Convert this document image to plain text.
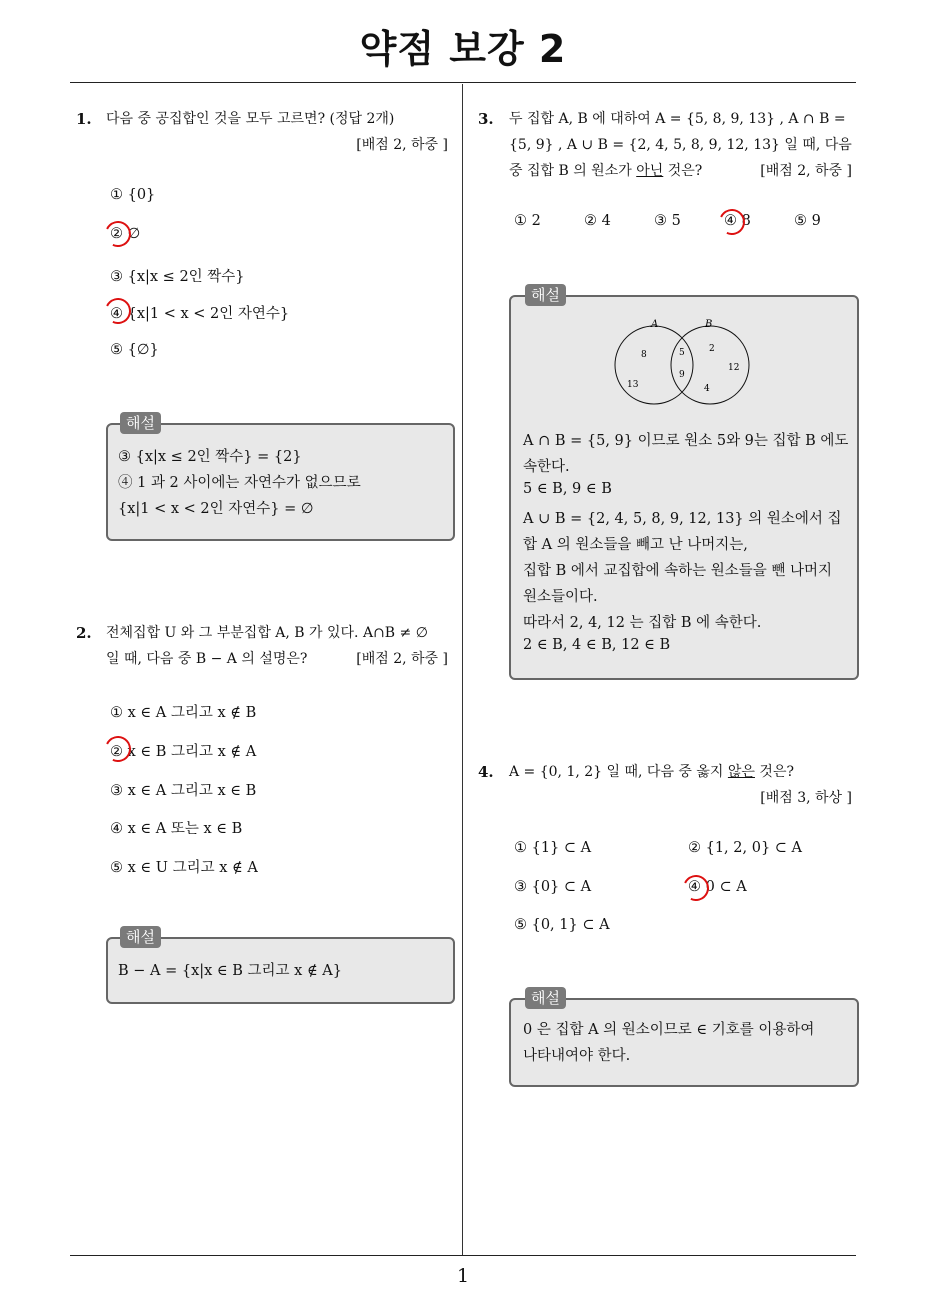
약점 보강 2
1
1. 다음 중 공집합인 것을 모두 고르면? (정답 2개)
[배점 2, 하중 ]
① {0}
② ∅
③ {x|x ≤ 2인 짝수}
④ {x|1 < x < 2인 자연수}
⑤ {∅}
해설
③ {x|x ≤ 2인 짝수} = {2}
④ 1 과 2 사이에는 자연수가 없으므로
{x|1 < x < 2인 자연수} = ∅
2. 전체집합 U 와 그 부분집합 A, B 가 있다. A∩B ≠ ∅
일 때, 다음 중 B − A 의 설명은?	[배점 2, 하중 ]
① x ∈ A 그리고 x ∉ B
② x ∈ B 그리고 x ∉ A
③ x ∈ A 그리고 x ∈ B
④ x ∈ A 또는 x ∈ B
⑤ x ∈ U 그리고 x ∉ A
해설
B − A = {x|x ∈ B 그리고 x ∉ A}
3. 두 집합 A, B 에 대하여 A = {5, 8, 9, 13} , A ∩ B =
{5, 9} , A ∪ B = {2, 4, 5, 8, 9, 12, 13} 일 때, 다음
중 집합 B 의 원소가 아닌 것은?	[배점 2, 하중 ]
① 2	② 4	③ 5	④ 8	⑤ 9
해설
A	B
8
13
5
9
2
12
4
A ∩ B = {5, 9} 이므로 원소 5와 9는 집합 B 에도
속한다.
5 ∈ B, 9 ∈ B
A ∪ B = {2, 4, 5, 8, 9, 12, 13} 의 원소에서 집
합 A 의 원소들을 빼고 난 나머지는,
집합 B 에서 교집합에 속하는 원소들을 뺀 나머지
원소들이다.
따라서 2, 4, 12 는 집합 B 에 속한다.
2 ∈ B, 4 ∈ B, 12 ∈ B
4. A = {0, 1, 2} 일 때, 다음 중 옳지 않은 것은?
[배점 3, 하상 ]
① {1} ⊂ A	② {1, 2, 0} ⊂ A
③ {0} ⊂ A	④ 0 ⊂ A
⑤ {0, 1} ⊂ A
해설
0 은 집합 A 의 원소이므로 ∈ 기호를 이용하여
나타내여야 한다.
